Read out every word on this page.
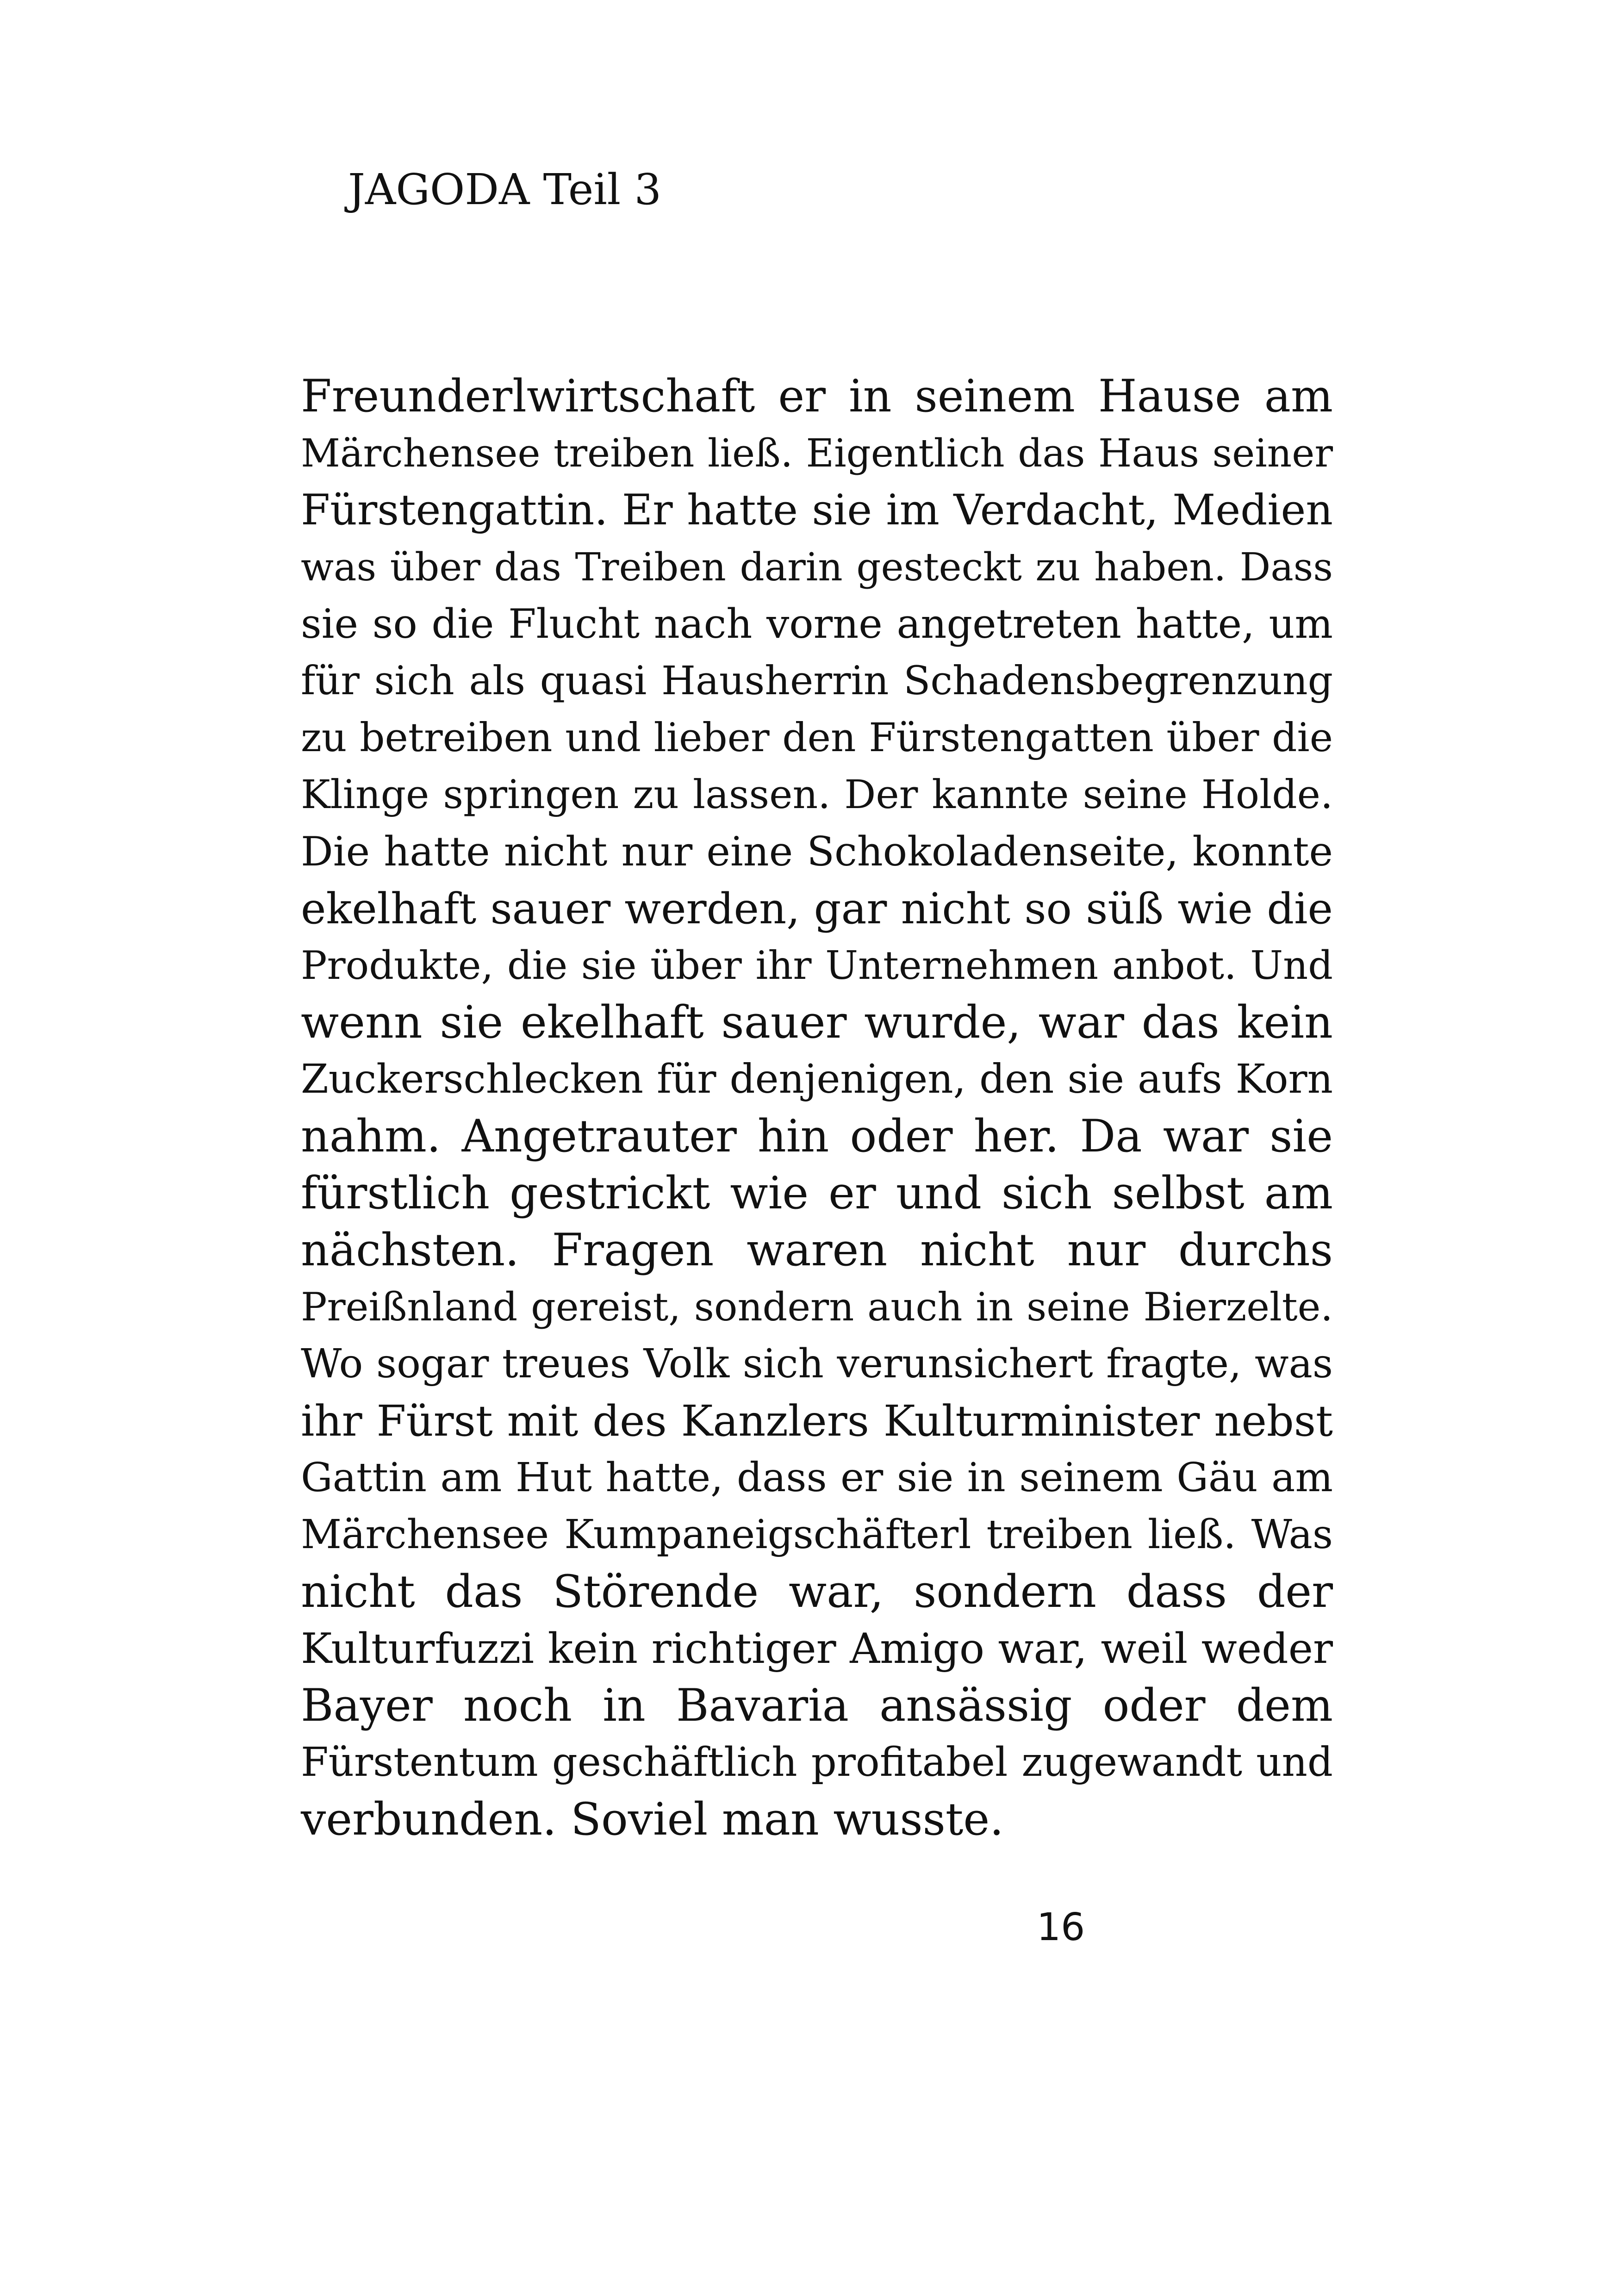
JAGODA Teil 3
Freunderlwirtschaft er in seinem Hause am
Märchensee treiben ließ. Eigentlich das Haus seiner
Fürstengattin. Er hatte sie im Verdacht, Medien
was über das Treiben darin gesteckt zu haben. Dass
sie so die Flucht nach vorne angetreten hatte, um
für sich als quasi Hausherrin Schadensbegrenzung
zu betreiben und lieber den Fürstengatten über die
Klinge springen zu lassen. Der kannte seine Holde.
Die hatte nicht nur eine Schokoladenseite, konnte
ekelhaft sauer werden, gar nicht so süß wie die
Produkte, die sie über ihr Unternehmen anbot. Und
wenn sie ekelhaft sauer wurde, war das kein
Zuckerschlecken für denjenigen, den sie aufs Korn
nahm. Angetrauter hin oder her. Da war sie
fürstlich gestrickt wie er und sich selbst am
nächsten. Fragen waren nicht nur durchs
Preißnland gereist, sondern auch in seine Bierzelte.
Wo sogar treues Volk sich verunsichert fragte, was
ihr Fürst mit des Kanzlers Kulturminister nebst
Gattin am Hut hatte, dass er sie in seinem Gäu am
Märchensee Kumpaneigschäfterl treiben ließ. Was
nicht das Störende war, sondern dass der
Kulturfuzzi kein richtiger Amigo war, weil weder
Bayer noch in Bavaria ansässig oder dem
Fürstentum geschäftlich profitabel zugewandt und
verbunden. Soviel man wusste.
16
